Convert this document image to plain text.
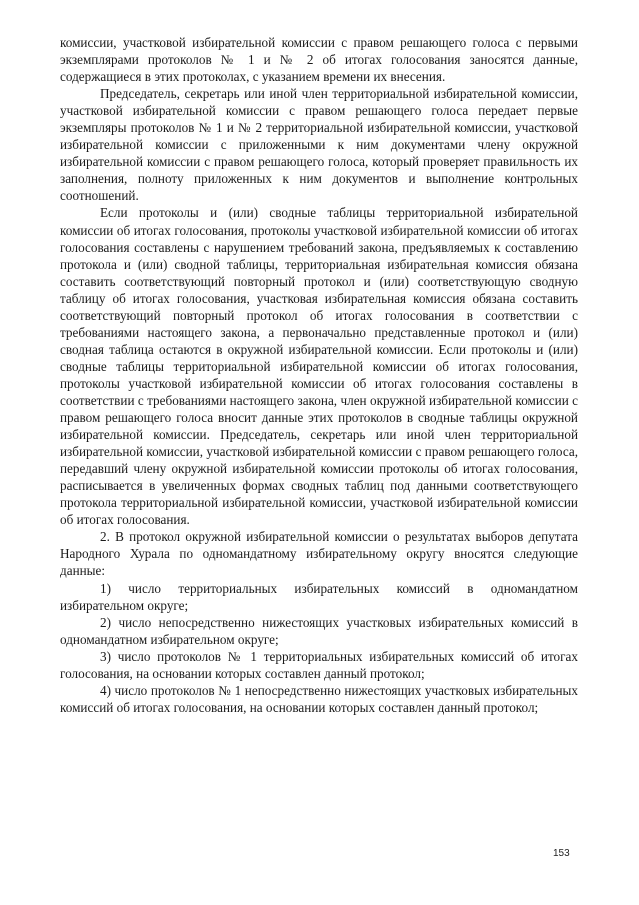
комиссии, участковой избирательной комиссии с правом решающего голоса с первыми экземплярами протоколов № 1 и № 2 об итогах голосования заносятся данные, содержащиеся в этих протоколах, с указанием времени их внесения.

Председатель, секретарь или иной член территориальной избирательной комиссии, участковой избирательной комиссии с правом решающего голоса передает первые экземпляры протоколов № 1 и № 2 территориальной избирательной комиссии, участковой избирательной комиссии с приложенными к ним документами члену окружной избирательной комиссии с правом решающего голоса, который проверяет правильность их заполнения, полноту приложенных к ним документов и выполнение контрольных соотношений.

Если протоколы и (или) сводные таблицы территориальной избирательной комиссии об итогах голосования, протоколы участковой избирательной комиссии об итогах голосования составлены с нарушением требований закона, предъявляемых к составлению протокола и (или) сводной таблицы, территориальная избирательная комиссия обязана составить соответствующий повторный протокол и (или) соответствующую сводную таблицу об итогах голосования, участковая избирательная комиссия обязана составить соответствующий повторный протокол об итогах голосования в соответствии с требованиями настоящего закона, а первоначально представленные протокол и (или) сводная таблица остаются в окружной избирательной комиссии. Если протоколы и (или) сводные таблицы территориальной избирательной комиссии об итогах голосования, протоколы участковой избирательной комиссии об итогах голосования составлены в соответствии с требованиями настоящего закона, член окружной избирательной комиссии с правом решающего голоса вносит данные этих протоколов в сводные таблицы окружной избирательной комиссии. Председатель, секретарь или иной член территориальной избирательной комиссии, участковой избирательной комиссии с правом решающего голоса, передавший члену окружной избирательной комиссии протоколы об итогах голосования, расписывается в увеличенных формах сводных таблиц под данными соответствующего протокола территориальной избирательной комиссии, участковой избирательной комиссии об итогах голосования.

2. В протокол окружной избирательной комиссии о результатах выборов депутата Народного Хурала по одномандатному избирательному округу вносятся следующие данные:

1) число территориальных избирательных комиссий в одномандатном избирательном округе;

2) число непосредственно нижестоящих участковых избирательных комиссий в одномандатном избирательном округе;

3) число протоколов № 1 территориальных избирательных комиссий об итогах голосования, на основании которых составлен данный протокол;

4) число протоколов № 1 непосредственно нижестоящих участковых избирательных комиссий об итогах голосования, на основании которых составлен данный протокол;

153
